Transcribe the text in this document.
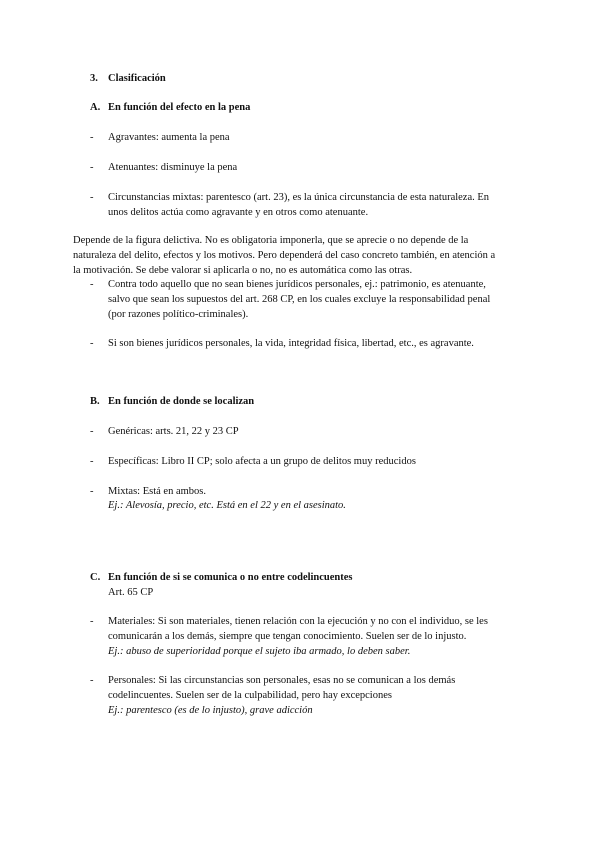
3. Clasificación
A. En función del efecto en la pena
- Agravantes: aumenta la pena
- Atenuantes: disminuye la pena
- Circunstancias mixtas: parentesco (art. 23), es la única circunstancia de esta naturaleza. En
unos delitos actúa como agravante y en otros como atenuante.
Depende de la figura delictiva. No es obligatoria imponerla, que se aprecie o no depende de la
naturaleza del delito, efectos y los motivos. Pero dependerá del caso concreto también, en atención a
la motivación. Se debe valorar si aplicarla o no, no es automática como las otras.
- Contra todo aquello que no sean bienes jurídicos personales, ej.: patrimonio, es atenuante,
salvo que sean los supuestos del art. 268 CP, en los cuales excluye la responsabilidad penal
(por razones político-criminales).
- Si son bienes jurídicos personales, la vida, integridad física, libertad, etc., es agravante.
B. En función de donde se localizan
- Genéricas: arts. 21, 22 y 23 CP
- Específicas: Libro II CP; solo afecta a un grupo de delitos muy reducidos
- Mixtas: Está en ambos.
Ej.: Alevosía, precio, etc. Está en el 22 y en el asesinato.
C. En función de si se comunica o no entre codelincuentes
Art. 65 CP
- Materiales: Si son materiales, tienen relación con la ejecución y no con el individuo, se les
comunicarán a los demás, siempre que tengan conocimiento. Suelen ser de lo injusto.
Ej.: abuso de superioridad porque el sujeto iba armado, lo deben saber.
- Personales: Si las circunstancias son personales, esas no se comunican a los demás
codelincuentes. Suelen ser de la culpabilidad, pero hay excepciones
Ej.: parentesco (es de lo injusto), grave adicción
